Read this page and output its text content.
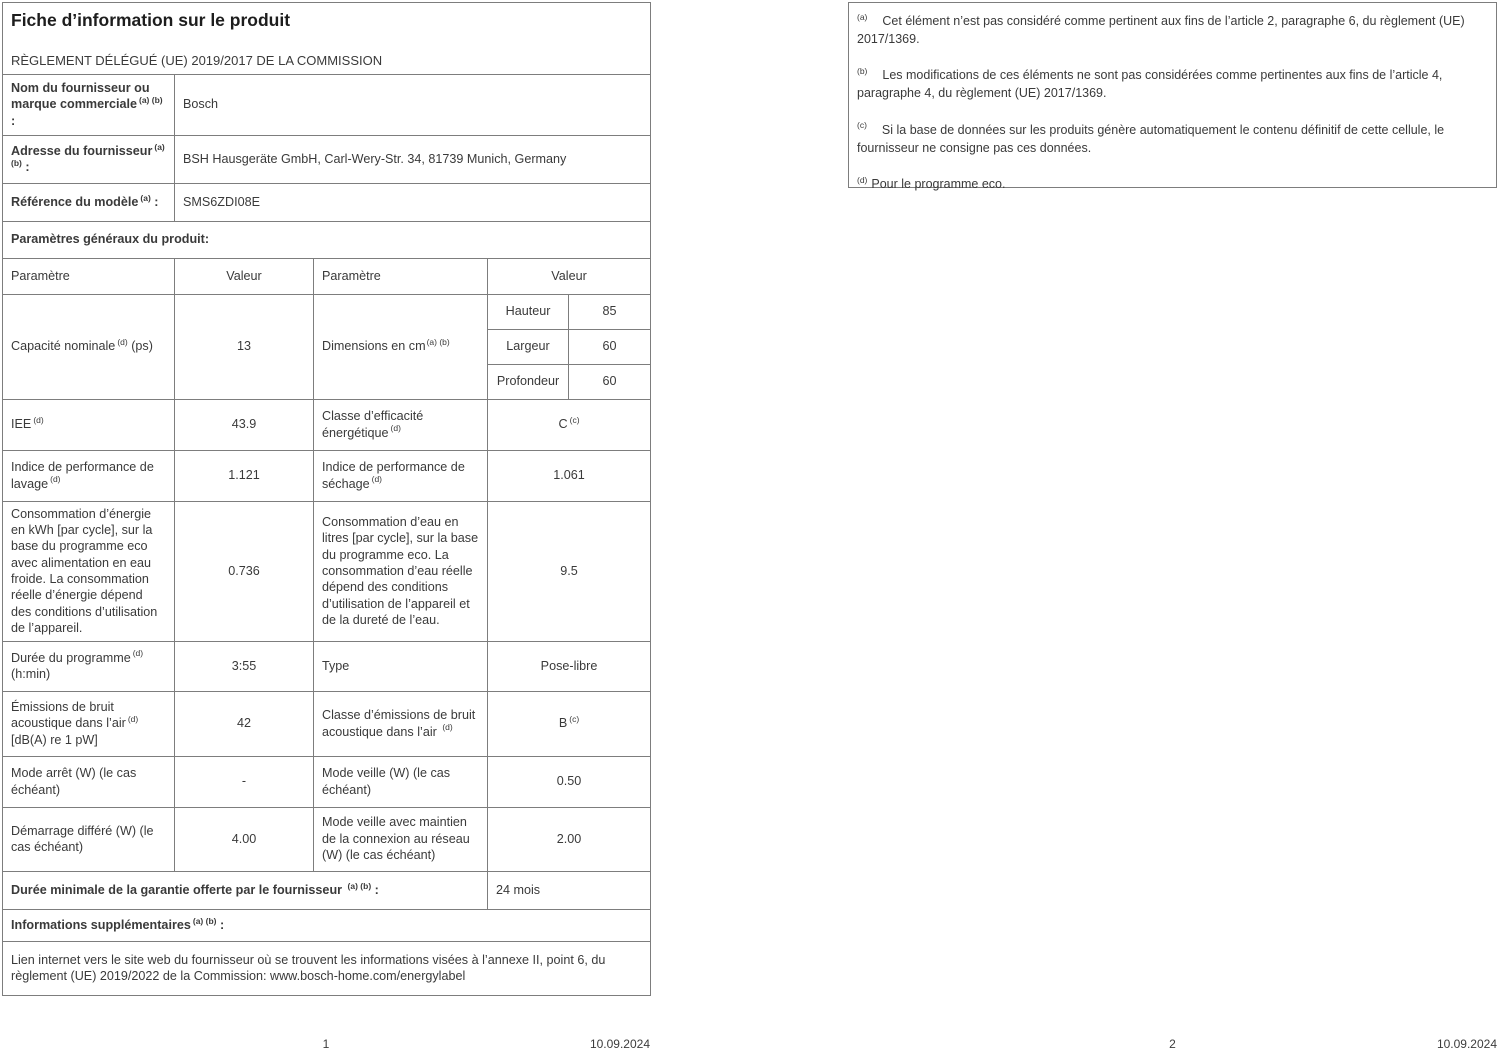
Fiche d’information sur le produit
RÈGLEMENT DÉLÉGUÉ (UE) 2019/2017 DE LA COMMISSION				

Nom du fournisseur ou marque commerciale $^{(a) (b)}$ :	Bosch			
Adresse du fournisseur $^{(a) (b)}$ :	BSH Hausgeräte GmbH, Carl-Wery-Str. 34, 81739 Munich, Germany			
Référence du modèle $^{(a)}$ :	SMS6ZDI08E			
Paramètres généraux du produit:				
Paramètre	Valeur	Paramètre	Valeur	
Capacité nominale $^{(d)}$ (ps)	13	Dimensions en $cm^{(a) (b)}$	Hauteur	85
			Largeur	60
			Profondeur	60
IEE $^{(d)}$	43.9	Classe d’efficacité énergétique $^{(d)}$	C $^{(c)}$
Indice de performance de lavage $^{(d)}$	1.121	Indice de performance de séchage $^{(d)}$	1.061	
Consommation d’énergie en kWh [par cycle], sur la base du programme eco avec alimentation en eau froide. La consommation réelle d’énergie dépend des conditions d’utilisation de l’appareil.	0.736	Consommation d’eau en litres [par cycle], sur la base du programme eco. La consommation d’eau réelle dépend des conditions d’utilisation de l’appareil et de la dureté de l’eau.	9.5	
Durée du programme $^{(d)}$ (h:min)	3:55	Type	Pose-libre	
Émissions de bruit acoustique dans l’air $^{(d)}$ [dB(A) re 1 pW]	42	Classe d’émissions de bruit acoustique dans l’air $^{(d)}$	B $^{(c)}$
Mode arrêt (W) (le cas échéant)	-	Mode veille (W) (le cas échéant)	0.50	
Démarrage différé (W) (le cas échéant)	4.00	Mode veille avec maintien de la connexion au réseau (W) (le cas échéant)	2.00	
Durée minimale de la garantie offerte par le fournisseur $^{(a) (b)}$ :			24 mois	
Informations supplémentaires $^{(a) (b)}$ :				
Lien internet vers le site web du fournisseur où se trouvent les informations visées à l’annexe II, point 6, du règlement (UE) 2019/2022 de la Commission: www.bosch-home.com/energylabel				

$^{(a)}$ Cet élément n’est pas considéré comme pertinent aux fins de l’article 2, paragraphe 6, du règlement (UE) 2017/1369.

$^{(b)}$ Les modifications de ces éléments ne sont pas considérées comme pertinentes aux fins de l’article 4, paragraphe 4, du règlement (UE) 2017/1369.

$^{(c)}$ Si la base de données sur les produits génère automatiquement le contenu définitif de cette cellule, le fournisseur ne consigne pas ces données.

$^{(d)}$ Pour le programme eco.

1	10.09.2024	2	10.09.2024
